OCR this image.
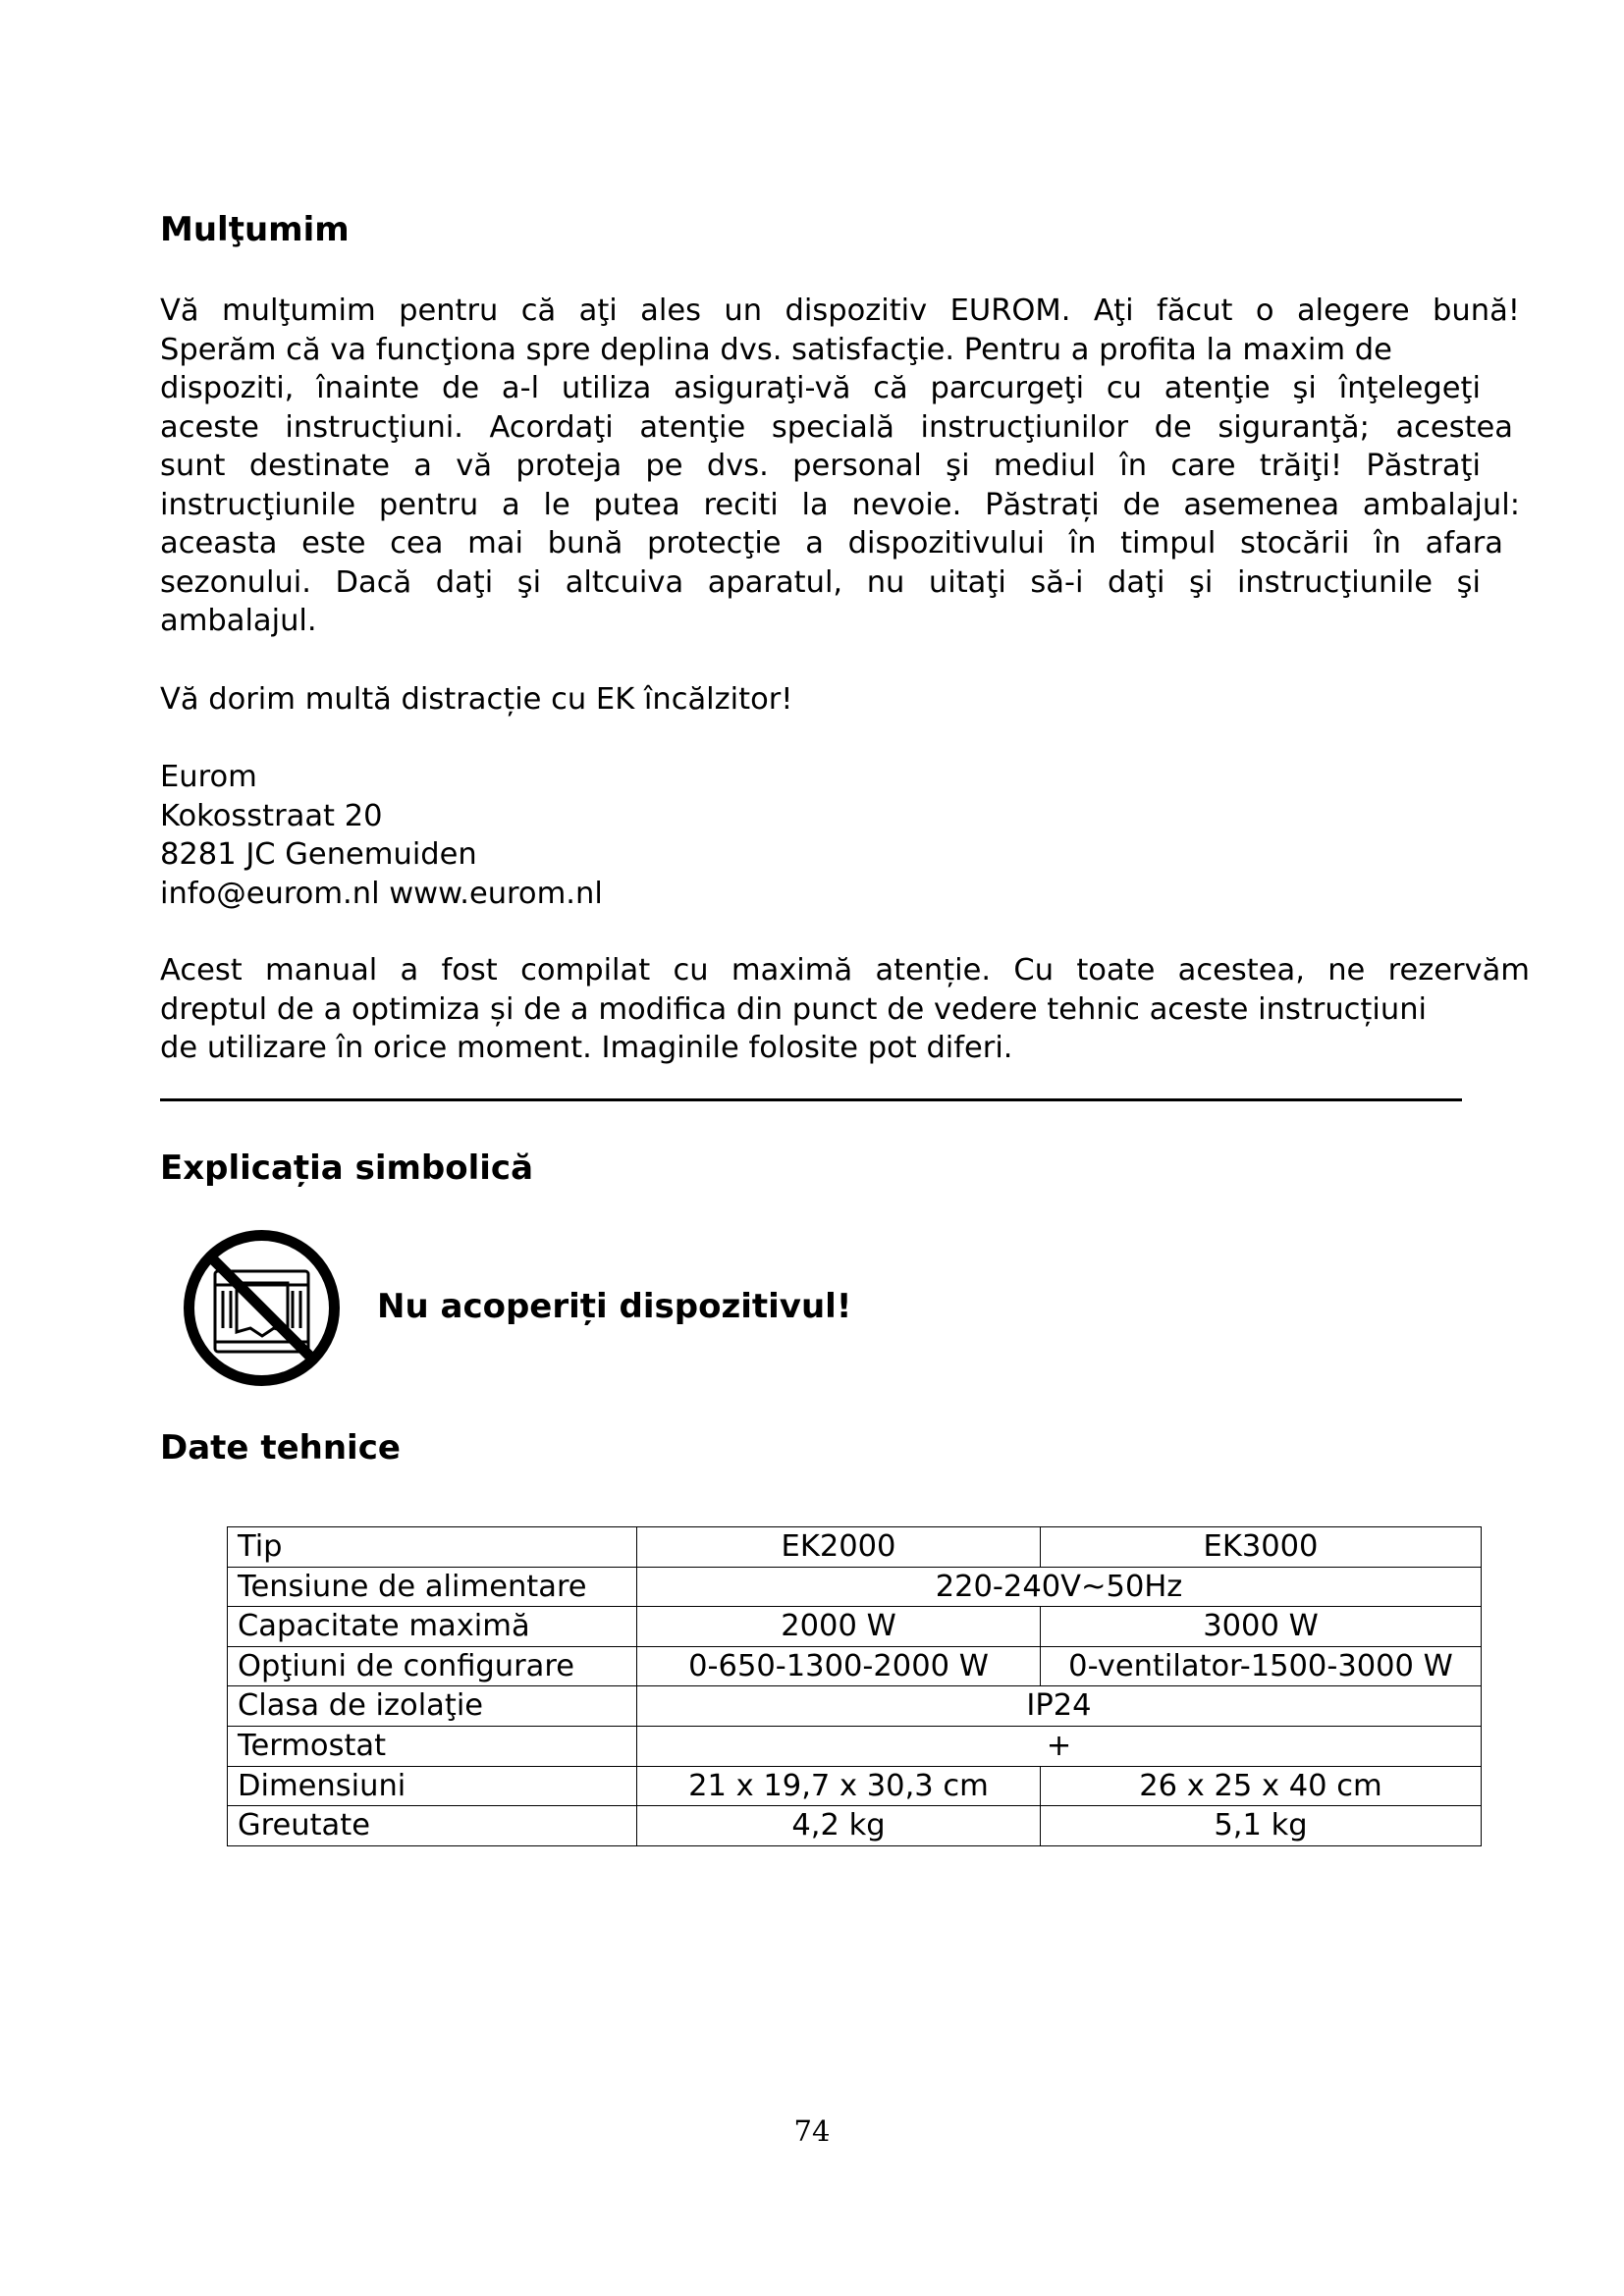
Mulţumim

Vă mulţumim pentru că aţi ales un dispozitiv EUROM. Aţi făcut o alegere bună!
Sperăm că va funcţiona spre deplina dvs. satisfacţie. Pentru a profita la maxim de
dispoziti, înainte de a-l utiliza asiguraţi-vă că parcurgeţi cu atenţie şi înţelegeţi
aceste instrucţiuni. Acordaţi atenţie specială instrucţiunilor de siguranţă; acestea
sunt destinate a vă proteja pe dvs. personal şi mediul în care trăiţi! Păstraţi
instrucţiunile pentru a le putea reciti la nevoie. Păstrați de asemenea ambalajul:
aceasta este cea mai bună protecţie a dispozitivului în timpul stocării în afara
sezonului. Dacă daţi şi altcuiva aparatul, nu uitaţi să-i daţi şi instrucţiunile şi
ambalajul.

Vă dorim multă distracție cu EK încălzitor!

Eurom
Kokosstraat 20
8281 JC Genemuiden
info@eurom.nl www.eurom.nl

Acest manual a fost compilat cu maximă atenție. Cu toate acestea, ne rezervăm
dreptul de a optimiza și de a modifica din punct de vedere tehnic aceste instrucțiuni
de utilizare în orice moment. Imaginile folosite pot diferi.

Explicația simbolică

Nu acoperiți dispozitivul!

Date tehnice
Tip	EK2000	EK3000
Tensiune de alimentare	220-240V~50Hz	
Capacitate maximă	2000 W	3000 W
Opţiuni de configurare	0-650-1300-2000 W	0-ventilator-1500-3000 W
Clasa de izolaţie	IP24	
Termostat	+	
Dimensiuni	21 x 19,7 x 30,3 cm	26 x 25 x 40 cm
Greutate	4,2 kg	5,1 kg
74
